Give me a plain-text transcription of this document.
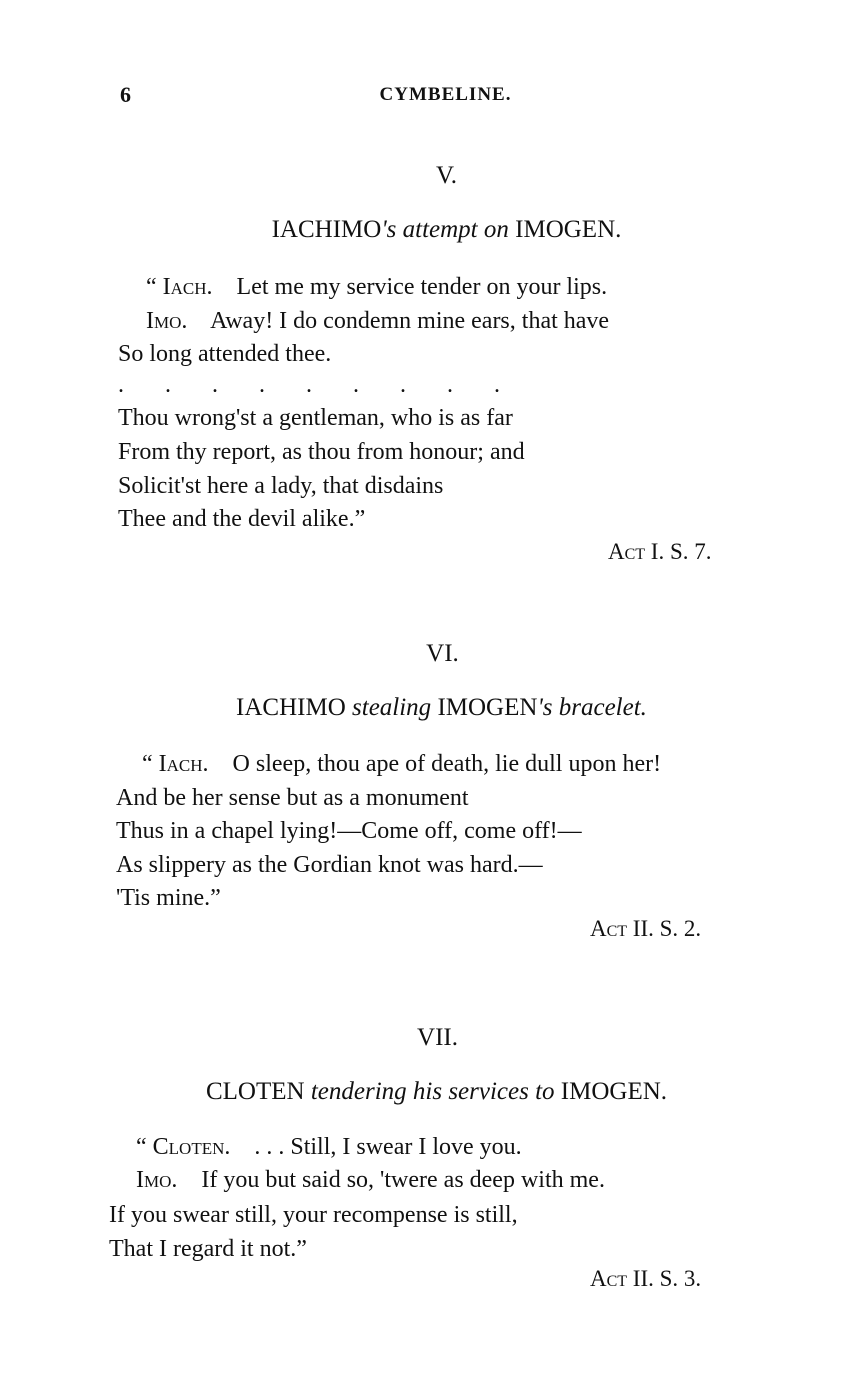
6	CYMBELINE.
V.
IACHIMO's attempt on IMOGEN.
“ Iach. Let me my service tender on your lips.
Imo. Away! I do condemn mine ears, that have
So long attended thee.
. . . . . . . . .
Thou wrong'st a gentleman, who is as far
From thy report, as thou from honour; and
Solicit'st here a lady, that disdains
Thee and the devil alike.”
Act I. S. 7.
VI.
IACHIMO stealing IMOGEN's bracelet.
“ Iach. O sleep, thou ape of death, lie dull upon her!
And be her sense but as a monument
Thus in a chapel lying!—Come off, come off!—
As slippery as the Gordian knot was hard.—
'Tis mine.”
Act II. S. 2.
VII.
CLOTEN tendering his services to IMOGEN.
“ Cloten. . . . Still, I swear I love you.
Imo. If you but said so, 'twere as deep with me.
If you swear still, your recompense is still,
That I regard it not.”
Act II. S. 3.
